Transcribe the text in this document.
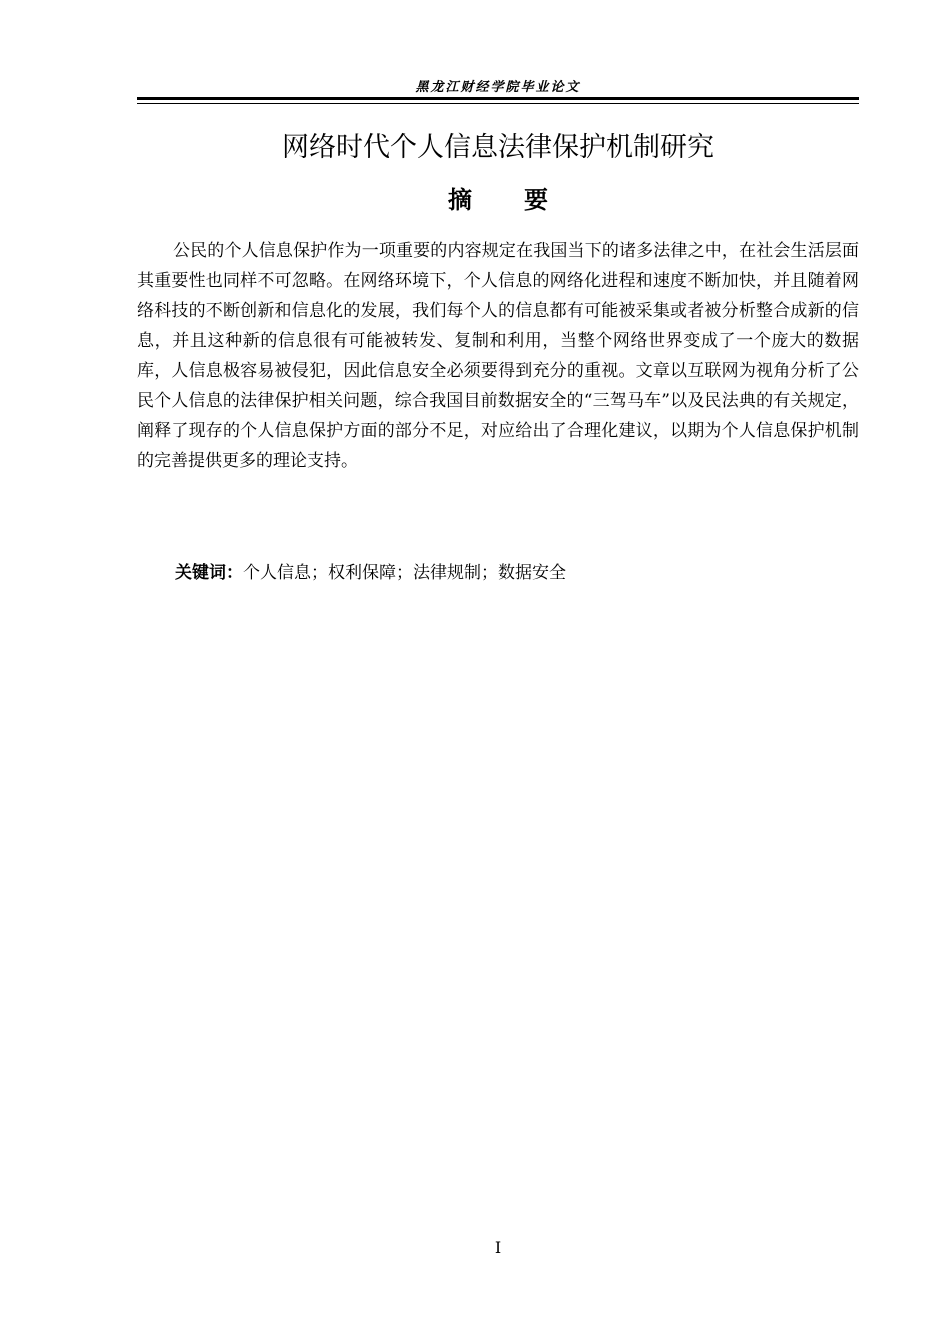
黑龙江财经学院毕业论文
网络时代个人信息法律保护机制研究
摘要

公民的个人信息保护作为一项重要的内容规定在我国当下的诸多法律之中，在社会生活层面其重要性也同样不可忽略。在网络环境下，个人信息的网络化进程和速度不断加快，并且随着网络科技的不断创新和信息化的发展，我们每个人的信息都有可能被采集或者被分析整合成新的信息，并且这种新的信息很有可能被转发、复制和利用，当整个网络世界变成了一个庞大的数据库，人信息极容易被侵犯，因此信息安全必须要得到充分的重视。文章以互联网为视角分析了公民个人信息的法律保护相关问题，综合我国目前数据安全的“三驾马车”以及民法典的有关规定，阐释了现存的个人信息保护方面的部分不足，对应给出了合理化建议，以期为个人信息保护机制的完善提供更多的理论支持。

关键词：个人信息；权利保障；法律规制；数据安全
I
